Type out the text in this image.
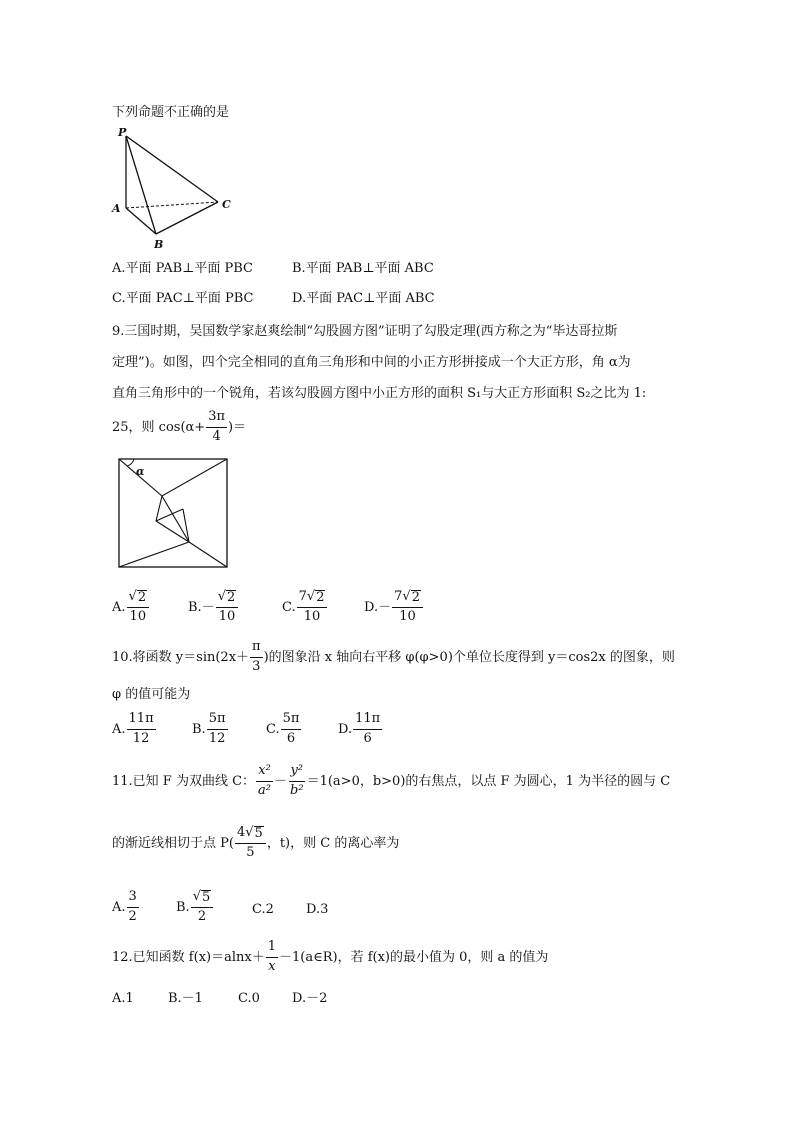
下列命题不正确的是
P
A
B
C
A.平面 PAB⊥平面 PBC	B.平面 PAB⊥平面 ABC
C.平面 PAC⊥平面 PBC	D.平面 PAC⊥平面 ABC
9.三国时期，吴国数学家赵爽绘制“勾股圆方图”证明了勾股定理(西方称之为“毕达哥拉斯
定理”)。如图，四个完全相同的直角三角形和中间的小正方形拼接成一个大正方形，角 α为
直角三角形中的一个锐角，若该勾股圆方图中小正方形的面积 S₁与大正方形面积 S₂之比为 1:
25，则 $\cos(\alpha+ \frac{3\pi}{4}$ )＝
α
A. $\frac{√ 2}{10}$	B. － $\frac{√ 2}{10}$	C. $\frac{7 √ 2}{10}$	D. － $\frac{7 √ 2}{10}$
10.将函数 $y=\sin(2x+ \frac{\pi}{3}$ )的图象沿 x 轴向右平移 φ(φ>0)个单位长度得到 y＝cos2x 的图象，则
φ 的值可能为
A. $\frac{11\pi}{12}$	B. $\frac{5\pi}{12}$	C. $\frac{5\pi}{6}$	D. $\frac{11\pi}{6}$
11.已知 F 为双曲线 C： $\frac{\text{x²}}{\text{a²}} - \frac{\text{y²}}{\text{b²}} =1(a>0$，b>0)的右焦点，以点 F 为圆心，1 为半径的圆与 C
的渐近线相切于点 $P( \frac{4 √ 5}{5}$ ，t)，则 C 的离心率为
A. $\frac{3}{2}$	B. $\frac{√ 5}{2}$	C.2 D.3
12.已知函数 $f(x)=alnx+ \frac{1}{x}$ －1(a∈R)，若 f(x)的最小值为 0，则 a 的值为
A.1	B.－1	C.0 D.－2
